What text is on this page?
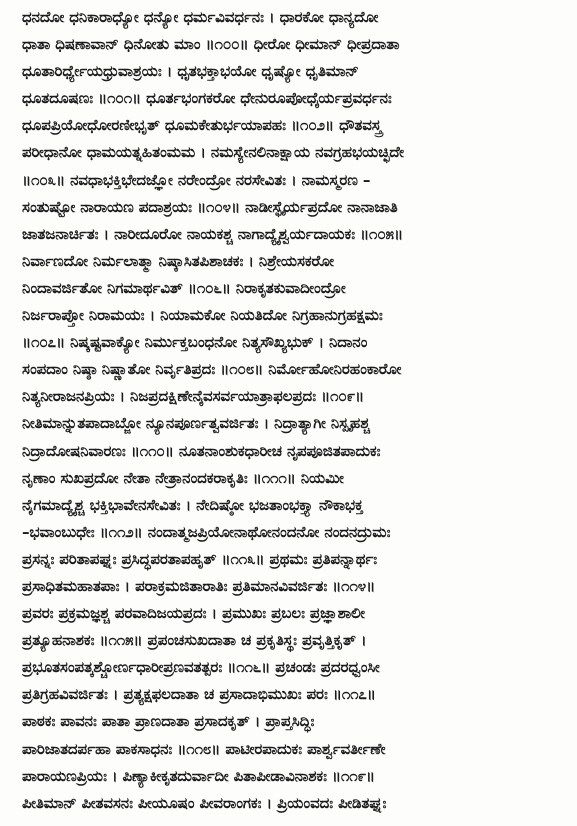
ಧನದೋ ಧನಿಕಾರಾಧ್ಯೋ ಧನ್ಯೋ ಧರ್ಮವಿವರ್ಧನಃ । ಧಾರಕೋ ಧಾನ್ಯದೋ
ಧಾತಾ ಧಿಷಣಾವಾನ್ ಧಿನೋತು ಮಾಂ ॥೧೦೦॥ ಧೀರೋ ಧೀಮಾನ್ ಧೀಪ್ರದಾತಾ
ಧೂತಾರಿರ್ಧ್ಯೇಯಧ್ರುವಾಶ್ರಯಃ । ಧೃತಭಕ್ತಾಭಯೋ ಧೃಷ್ಯೋ ಧೃತಿಮಾನ್
ಧೂತದೂಷಣಃ ॥೧೦೧॥ ಧೂರ್ತಭಂಗಕರೋ ಧೇನುರೂಪೋಧೈರ್ಯಪ್ರವರ್ಧನಃ
ಧೂಪಪ್ರಿಯೋಧೋರಣೀಭೃತ್ ಧೂಮಕೇತುರ್ಭಯಾಪಹಃ ॥೧೦೨॥ ಧೌತವಸ್ತ್ರ
ಪರೀಧಾನೋ ಧಾಮಯತ್ನಹಿತಂಮಮ । ನಮಸ್ಯೇನಲಿನಾಕ್ಷಾಯ ನವಗ್ರಹಭಯಚ್ಛಿದೇ
॥೧೦೩॥ ನವಧಾಭಕ್ತಿಭೇದಜ್ಞೋ ನರೇಂದ್ರೋ ನರಸೇವಿತಃ । ನಾಮಸ್ಮರಣ –
ಸಂತುಷ್ಟೋ ನಾರಾಯಣ ಪದಾಶ್ರಯಃ ॥೧೦೪॥ ನಾಡೀಸ್ಫೈರ್ಯಪ್ರದೋ ನಾನಾಜಾತಿ
ಜಾತಜನಾರ್ಚಿತಃ । ನಾರೀದೂರೋ ನಾಯಕಶ್ಚ ನಾಗಾದ್ಯೈಶ್ವರ್ಯದಾಯಕಃ ॥೧೦೫॥
ನಿರ್ವಾಣದೋ ನಿರ್ಮಲಾತ್ಮಾ ನಿಷ್ಕಾಸಿತಪಿಶಾಚಕಃ । ನಿಶ್ರೇಯಸಕರೋ
ನಿಂದಾವರ್ಜಿತೋ ನಿಗಮಾರ್ಥವಿತ್ ॥೧೦೬॥ ನಿರಾಕೃತಕುವಾದೀಂದ್ರೋ
ನಿರ್ಜರಾಪ್ತೋ ನಿರಾಮಯಃ । ನಿಯಾಮಕೋ ನಿಯತಿದೋ ನಿಗ್ರಹಾನುಗ್ರಹಕ್ಷಮಃ
॥೧೦೭॥ ನಿಷ್ಕಷ್ಟವಾಕ್ಯೋ ನಿರ್ಮುಕ್ತಬಂಧನೋ ನಿತ್ಯಸೌಖ್ಯಭುಕ್ । ನಿದಾನಂ
ಸಂಪದಾಂ ನಿಷ್ಠಾ ನಿಷ್ಣಾತೋ ನಿರ್ವೃತಿಪ್ರದಃ ॥೧೦೮॥ ನಿರ್ಮೋಹೋನಿರಹಂಕಾರೋ
ನಿತ್ಯನೀರಾಜನಪ್ರಿಯಃ । ನಿಜಪ್ರದಕ್ಷಿಣೇನೈವಸರ್ವಯಾತ್ರಾಫಲಪ್ರದಃ ॥೧೦೯॥
ನೀತಿಮಾನ್ನುತಪಾದಾಬ್ಜೋ ನ್ಯೂನಪೂರ್ಣತ್ವವರ್ಜಿತಃ । ನಿದ್ರಾತ್ಯಾಗೀ ನಿಸ್ಪೃಹಶ್ಚ
ನಿದ್ರಾದೋಷನಿವಾರಣಃ ॥೧೧೦॥ ನೂತನಾಂಶುಕಧಾರೀಚ ನೃಪಪೂಜಿತಪಾದುಕಃ
ನೃಣಾಂ ಸುಖಪ್ರದೋ ನೇತಾ ನೇತ್ರಾನಂದಕರಾಕೃತಿಃ ॥೧೧೧॥ ನಿಯಮೀ
ನೈಗಮಾದ್ಯೈಶ್ಚ ಭಕ್ತಿಭಾವೇನಸೇವಿತಃ । ನೇದಿಷ್ಠೋ ಭಜತಾಂಭಕ್ತ್ಯಾ ನೌಕಾಭಕ್ತ
–ಭವಾಂಬುಧೇಃ ॥೧೧೨॥ ನಂದಾತ್ಮಜಪ್ರಿಯೋನಾಥೋನಂದನೋ ನಂದನದ್ರುಮಃ
ಪ್ರಸನ್ನಃ ಪರಿತಾಪಘ್ನಃ ಪ್ರಸಿದ್ಧಪರತಾಪಹೃತ್ ॥೧೧೩॥ ಪ್ರಥಮಃ ಪ್ರತಿಪನ್ನಾರ್ಥಃ
ಪ್ರಸಾಧಿತಮಹಾತಪಾಃ । ಪರಾಕ್ರಮಜಿತಾರಾತಿಃ ಪ್ರತಿಮಾನವಿವರ್ಜಿತಃ ॥೧೧೪॥
ಪ್ರವರಃ ಪ್ರಕ್ರಮಜ್ಞಶ್ಚ ಪರವಾದಿಜಯಪ್ರದಃ । ಪ್ರಮುಖಃ ಪ್ರಬಲಃ ಪ್ರಜ್ಞಾಶಾಲೀ
ಪ್ರತ್ಯೂಹನಾಶಕಃ ॥೧೧೫॥ ಪ್ರಪಂಚಸುಖದಾತಾ ಚ ಪ್ರಕೃತಿಸ್ಥಃ ಪ್ರವೃತ್ತಿಕೃತ್ ।
ಪ್ರಭೂತಸಂಪತ್ಕಶ್ಚೋರ್ಣಧಾರೀಪ್ರಣವತತ್ಪರಃ ॥೧೧೬॥ ಪ್ರಚಂಡಃ ಪ್ರದರಧ್ವಂಸೀ
ಪ್ರತಿಗ್ರಹವಿವರ್ಜಿತಃ । ಪ್ರತ್ಯಕ್ಷಫಲದಾತಾ ಚ ಪ್ರಸಾದಾಭಿಮುಖಃ ಪರಃ ॥೧೧೭॥
ಪಾಠಕಃ ಪಾವನಃ ಪಾತಾ ಪ್ರಾಣದಾತಾ ಪ್ರಸಾದಕೃತ್ । ಪ್ರಾಪ್ತಸಿದ್ಧಿಃ
ಪಾರಿಜಾತದರ್ಪಹಾ ಪಾಕಸಾಧನಃ ॥೧೧೮॥ ಪಾಟೀರಪಾದುಕಃ ಪಾರ್ಶ್ವವರ್ತೀಣೇ
ಪಾರಾಯಣಪ್ರಿಯಃ । ಪಿಣ್ಯಾಕೀಕೃತದುರ್ವಾದೀ ಪಿತಾಪೀಡಾವಿನಾಶಕಃ ॥೧೧೯॥
ಪೀತಿಮಾನ್ ಪೀತವಸನಃ ಪೀಯೂಷಂ ಪೀವರಾಂಗಕಃ । ಪ್ರಿಯಂವದಃ ಪೀಡಿತಘ್ನಃ
